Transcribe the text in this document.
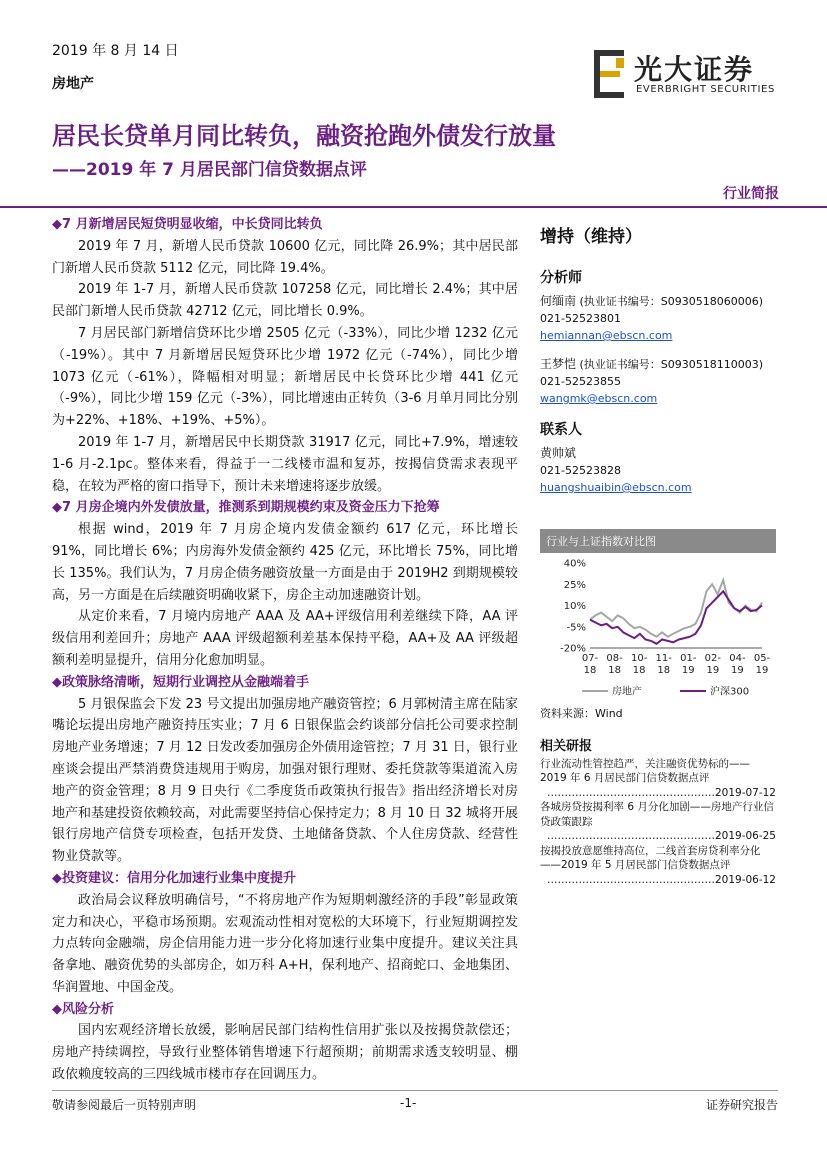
2019 年 8 月 14 日
房地产	光大证券
EVERBRIGHT SECURITIES
居民长贷单月同比转负，融资抢跑外债发行放量
——2019 年 7 月居民部门信贷数据点评
行业简报

◆7 月新增居民短贷明显收缩，中长贷同比转负

2019 年 7 月，新增人民币贷款 10600 亿元，同比降 26.9%；其中居民部门新增人民币贷款 5112 亿元，同比降 19.4%。

2019 年 1-7 月，新增人民币贷款 107258 亿元，同比增长 2.4%；其中居民部门新增人民币贷款 42712 亿元，同比增长 0.9%。

7 月居民部门新增信贷环比少增 2505 亿元（-33%），同比少增 1232 亿元（-19%）。其中 7 月新增居民短贷环比少增 1972 亿元（-74%），同比少增 1073 亿元（-61%），降幅相对明显；新增居民中长贷环比少增 441 亿元（-9%），同比少增 159 亿元（-3%），同比增速由正转负（3-6 月单月同比分别为+22%、+18%、+19%、+5%）。

2019 年 1-7 月，新增居民中长期贷款 31917 亿元，同比+7.9%，增速较 1-6 月-2.1pc。整体来看，得益于一二线楼市温和复苏，按揭信贷需求表现平稳，在较为严格的窗口指导下，预计未来增速将逐步放缓。

◆7 月房企境内外发债放量，推测系到期规模约束及资金压力下抢筹

根据 wind，2019 年 7 月房企境内发债金额约 617 亿元，环比增长 91%，同比增长 6%；内房海外发债金额约 425 亿元，环比增长 75%，同比增长 135%。我们认为，7 月房企债务融资放量一方面是由于 2019H2 到期规模较高，另一方面是在后续融资明确收紧下，房企主动加速融资计划。

从定价来看，7 月境内房地产 AAA 及 AA+评级信用利差继续下降，AA 评级信用利差回升；房地产 AAA 评级超额利差基本保持平稳，AA+及 AA 评级超额利差明显提升，信用分化愈加明显。

◆政策脉络清晰，短期行业调控从金融端着手

5 月银保监会下发 23 号文提出加强房地产融资管控；6 月郭树清主席在陆家嘴论坛提出房地产融资持压实业；7 月 6 日银保监会约谈部分信托公司要求控制房地产业务增速；7 月 12 日发改委加强房企外债用途管控；7 月 31 日，银行业座谈会提出严禁消费贷违规用于购房，加强对银行理财、委托贷款等渠道流入房地产的资金管理；8 月 9 日央行《二季度货币政策执行报告》指出经济增长对房地产和基建投资依赖较高，对此需要坚持信心保持定力；8 月 10 日 32 城将开展银行房地产信贷专项检查，包括开发贷、土地储备贷款、个人住房贷款、经营性物业贷款等。

◆投资建议：信用分化加速行业集中度提升

政治局会议释放明确信号，“不将房地产作为短期刺激经济的手段”彰显政策定力和决心，平稳市场预期。宏观流动性相对宽松的大环境下，行业短期调控发力点转向金融端，房企信用能力进一步分化将加速行业集中度提升。建议关注具备拿地、融资优势的头部房企，如万科 A+H，保利地产、招商蛇口、金地集团、华润置地、中国金茂。

◆风险分析

国内宏观经济增长放缓，影响居民部门结构性信用扩张以及按揭贷款偿还；房地产持续调控，导致行业整体销售增速下行超预期；前期需求透支较明显、棚政依赖度较高的三四线城市楼市存在回调压力。

增持（维持）
分析师
何缅南 (执业证书编号：S0930518060006)
021-52523801
hemiannan@ebscn.com
王梦恺 (执业证书编号：S0930518110003)
021-52523855
wangmk@ebscn.com
联系人
黄帅斌
021-52523828
huangshuaibin@ebscn.com
行业与上证指数对比图
40%
25%
10%
-5%
-20%
07-
18
08-
18
10-
18
11-
18
01-
19
02-
19
04-
19
05-
19
房地产	沪深300
资料来源：Wind
相关研报
行业流动性管控趋严，关注融资优势标的——2019 年 6 月居民部门信贷数据点评
…………………………………………2019-07-12
各城房贷按揭利率 6 月分化加剧——房地产行业信贷政策跟踪
…………………………………………2019-06-25
按揭投放意愿维持高位，二线首套房贷利率分化——2019 年 5 月居民部门信贷数据点评
…………………………………………2019-06-12
敬请参阅最后一页特别声明	-1-	证券研究报告
